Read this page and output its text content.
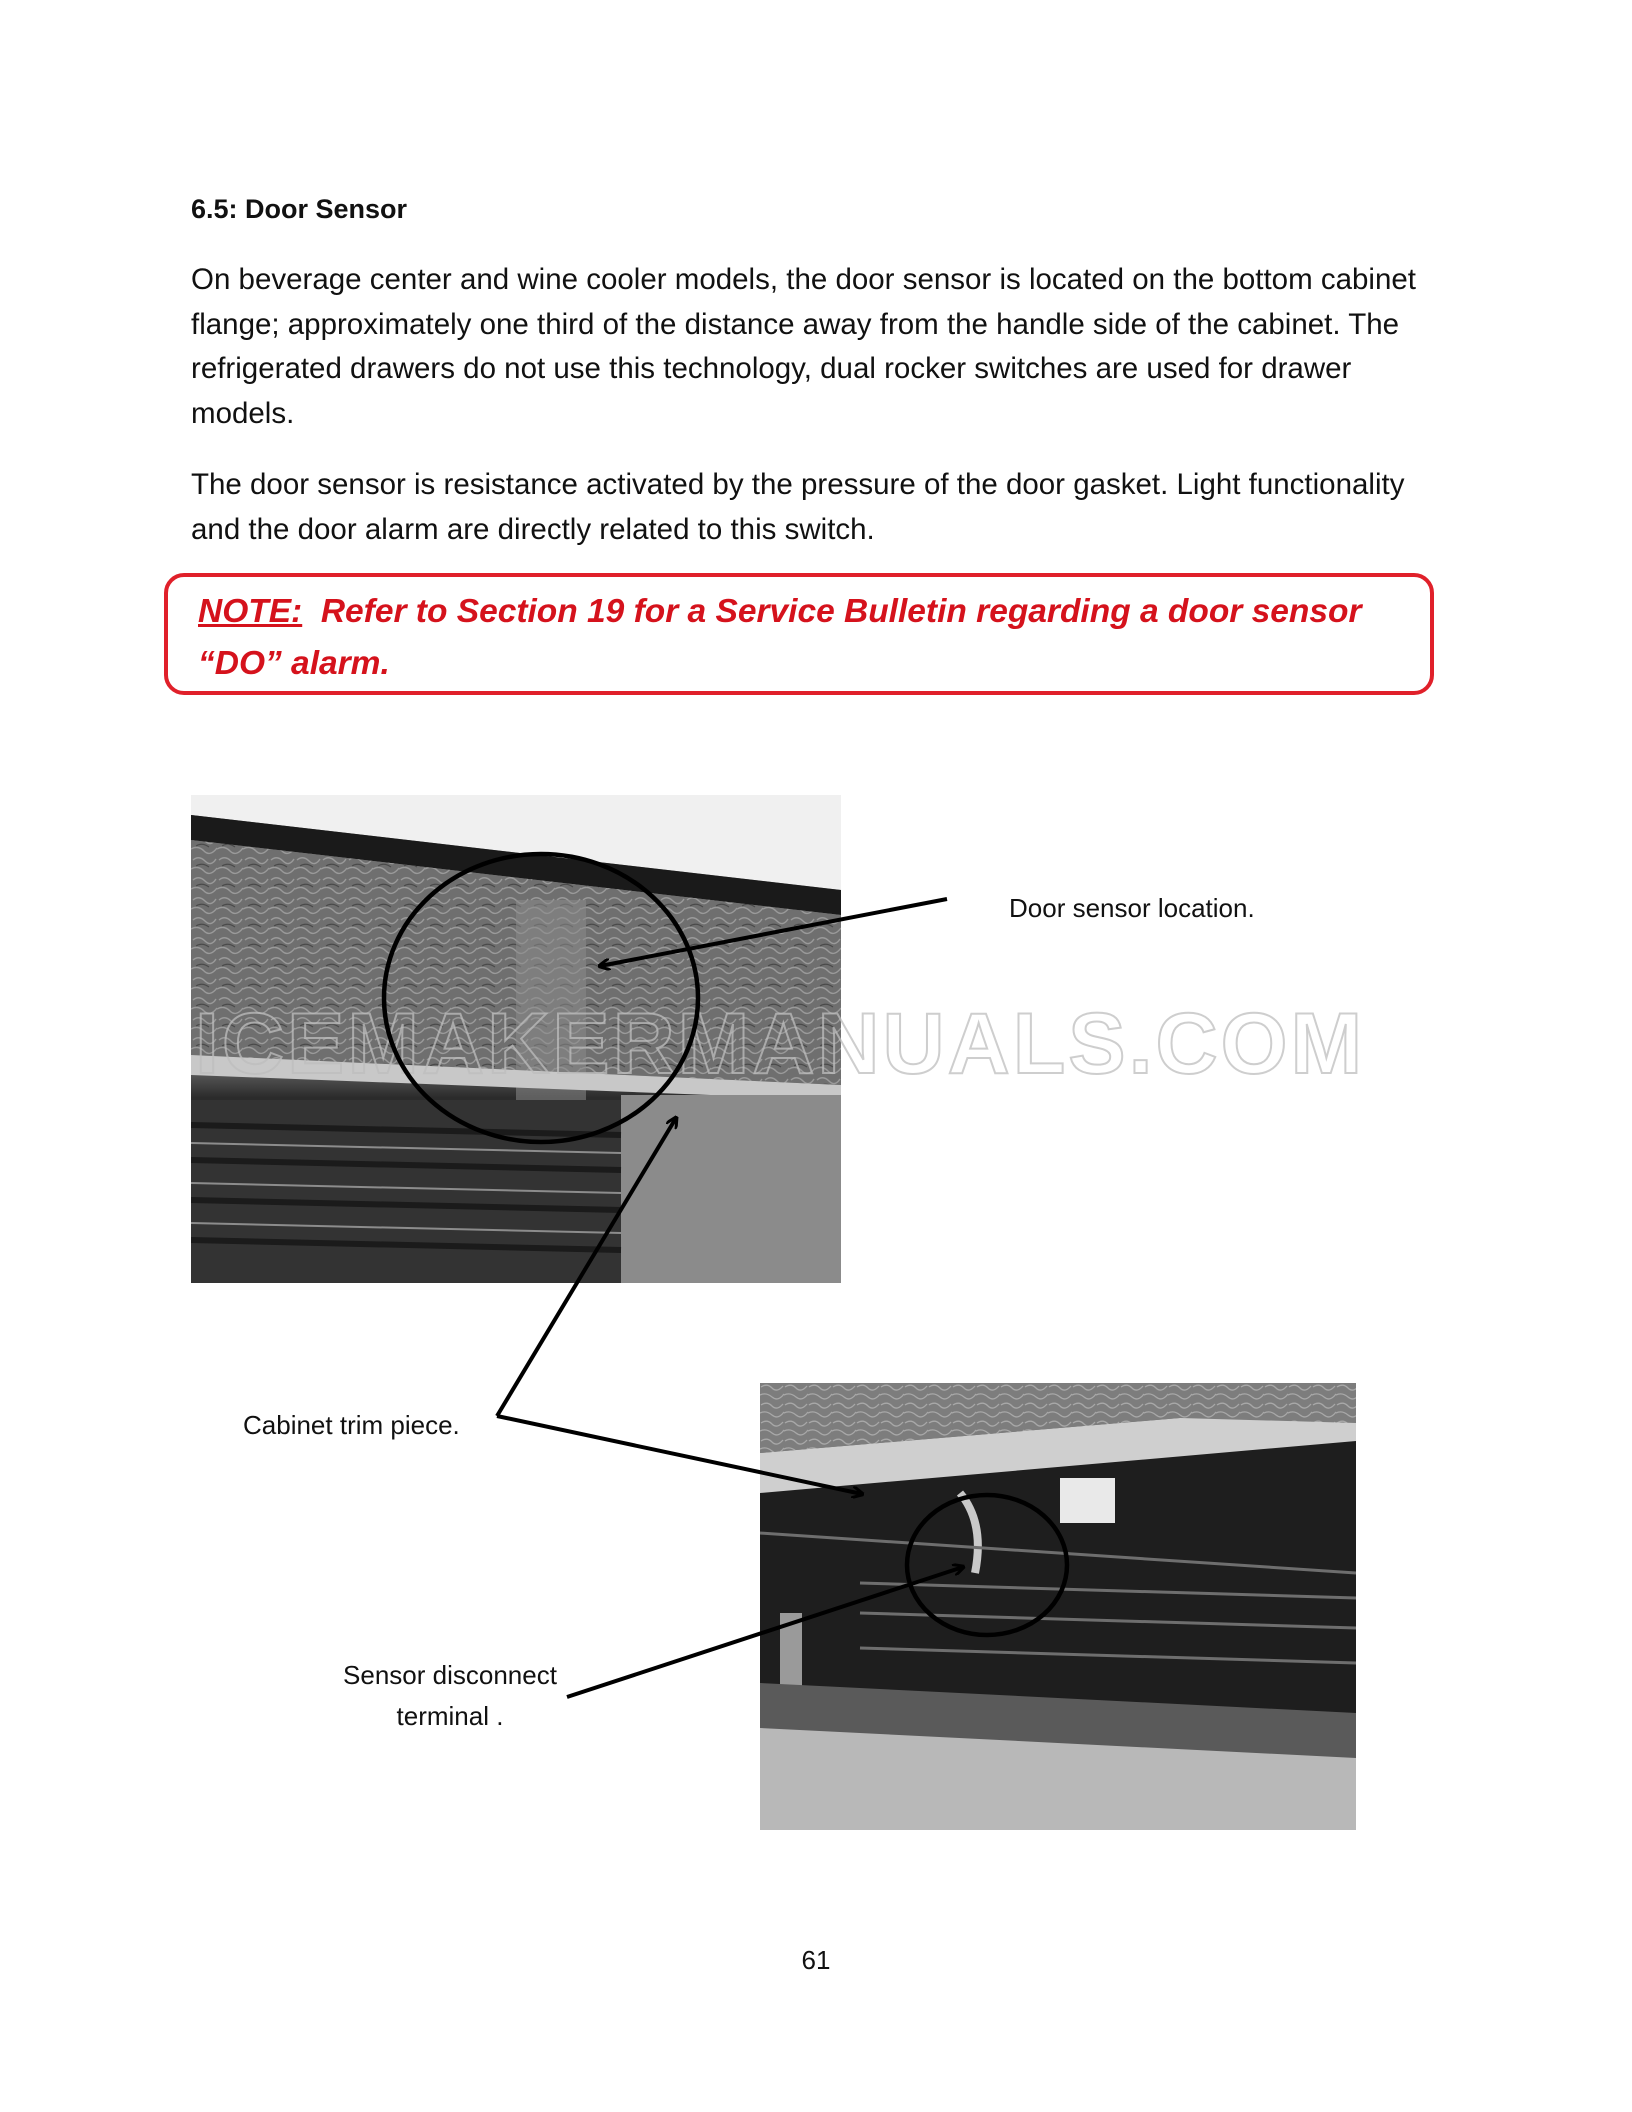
6.5: Door Sensor
On beverage center and wine cooler models, the door sensor is located on the bottom cabinet flange; approximately one third of the distance away from the handle side of the cabinet. The refrigerated drawers do not use this technology, dual rocker switches are used for drawer models.
The door sensor is resistance activated by the pressure of the door gasket. Light functionality and the door alarm are directly related to this switch.
NOTE: Refer to Section 19 for a Service Bulletin regarding a door sensor “DO” alarm.
ICEMAKERMANUALS.COM
Door sensor location.
Cabinet trim piece.
Sensor disconnect
terminal .
61
